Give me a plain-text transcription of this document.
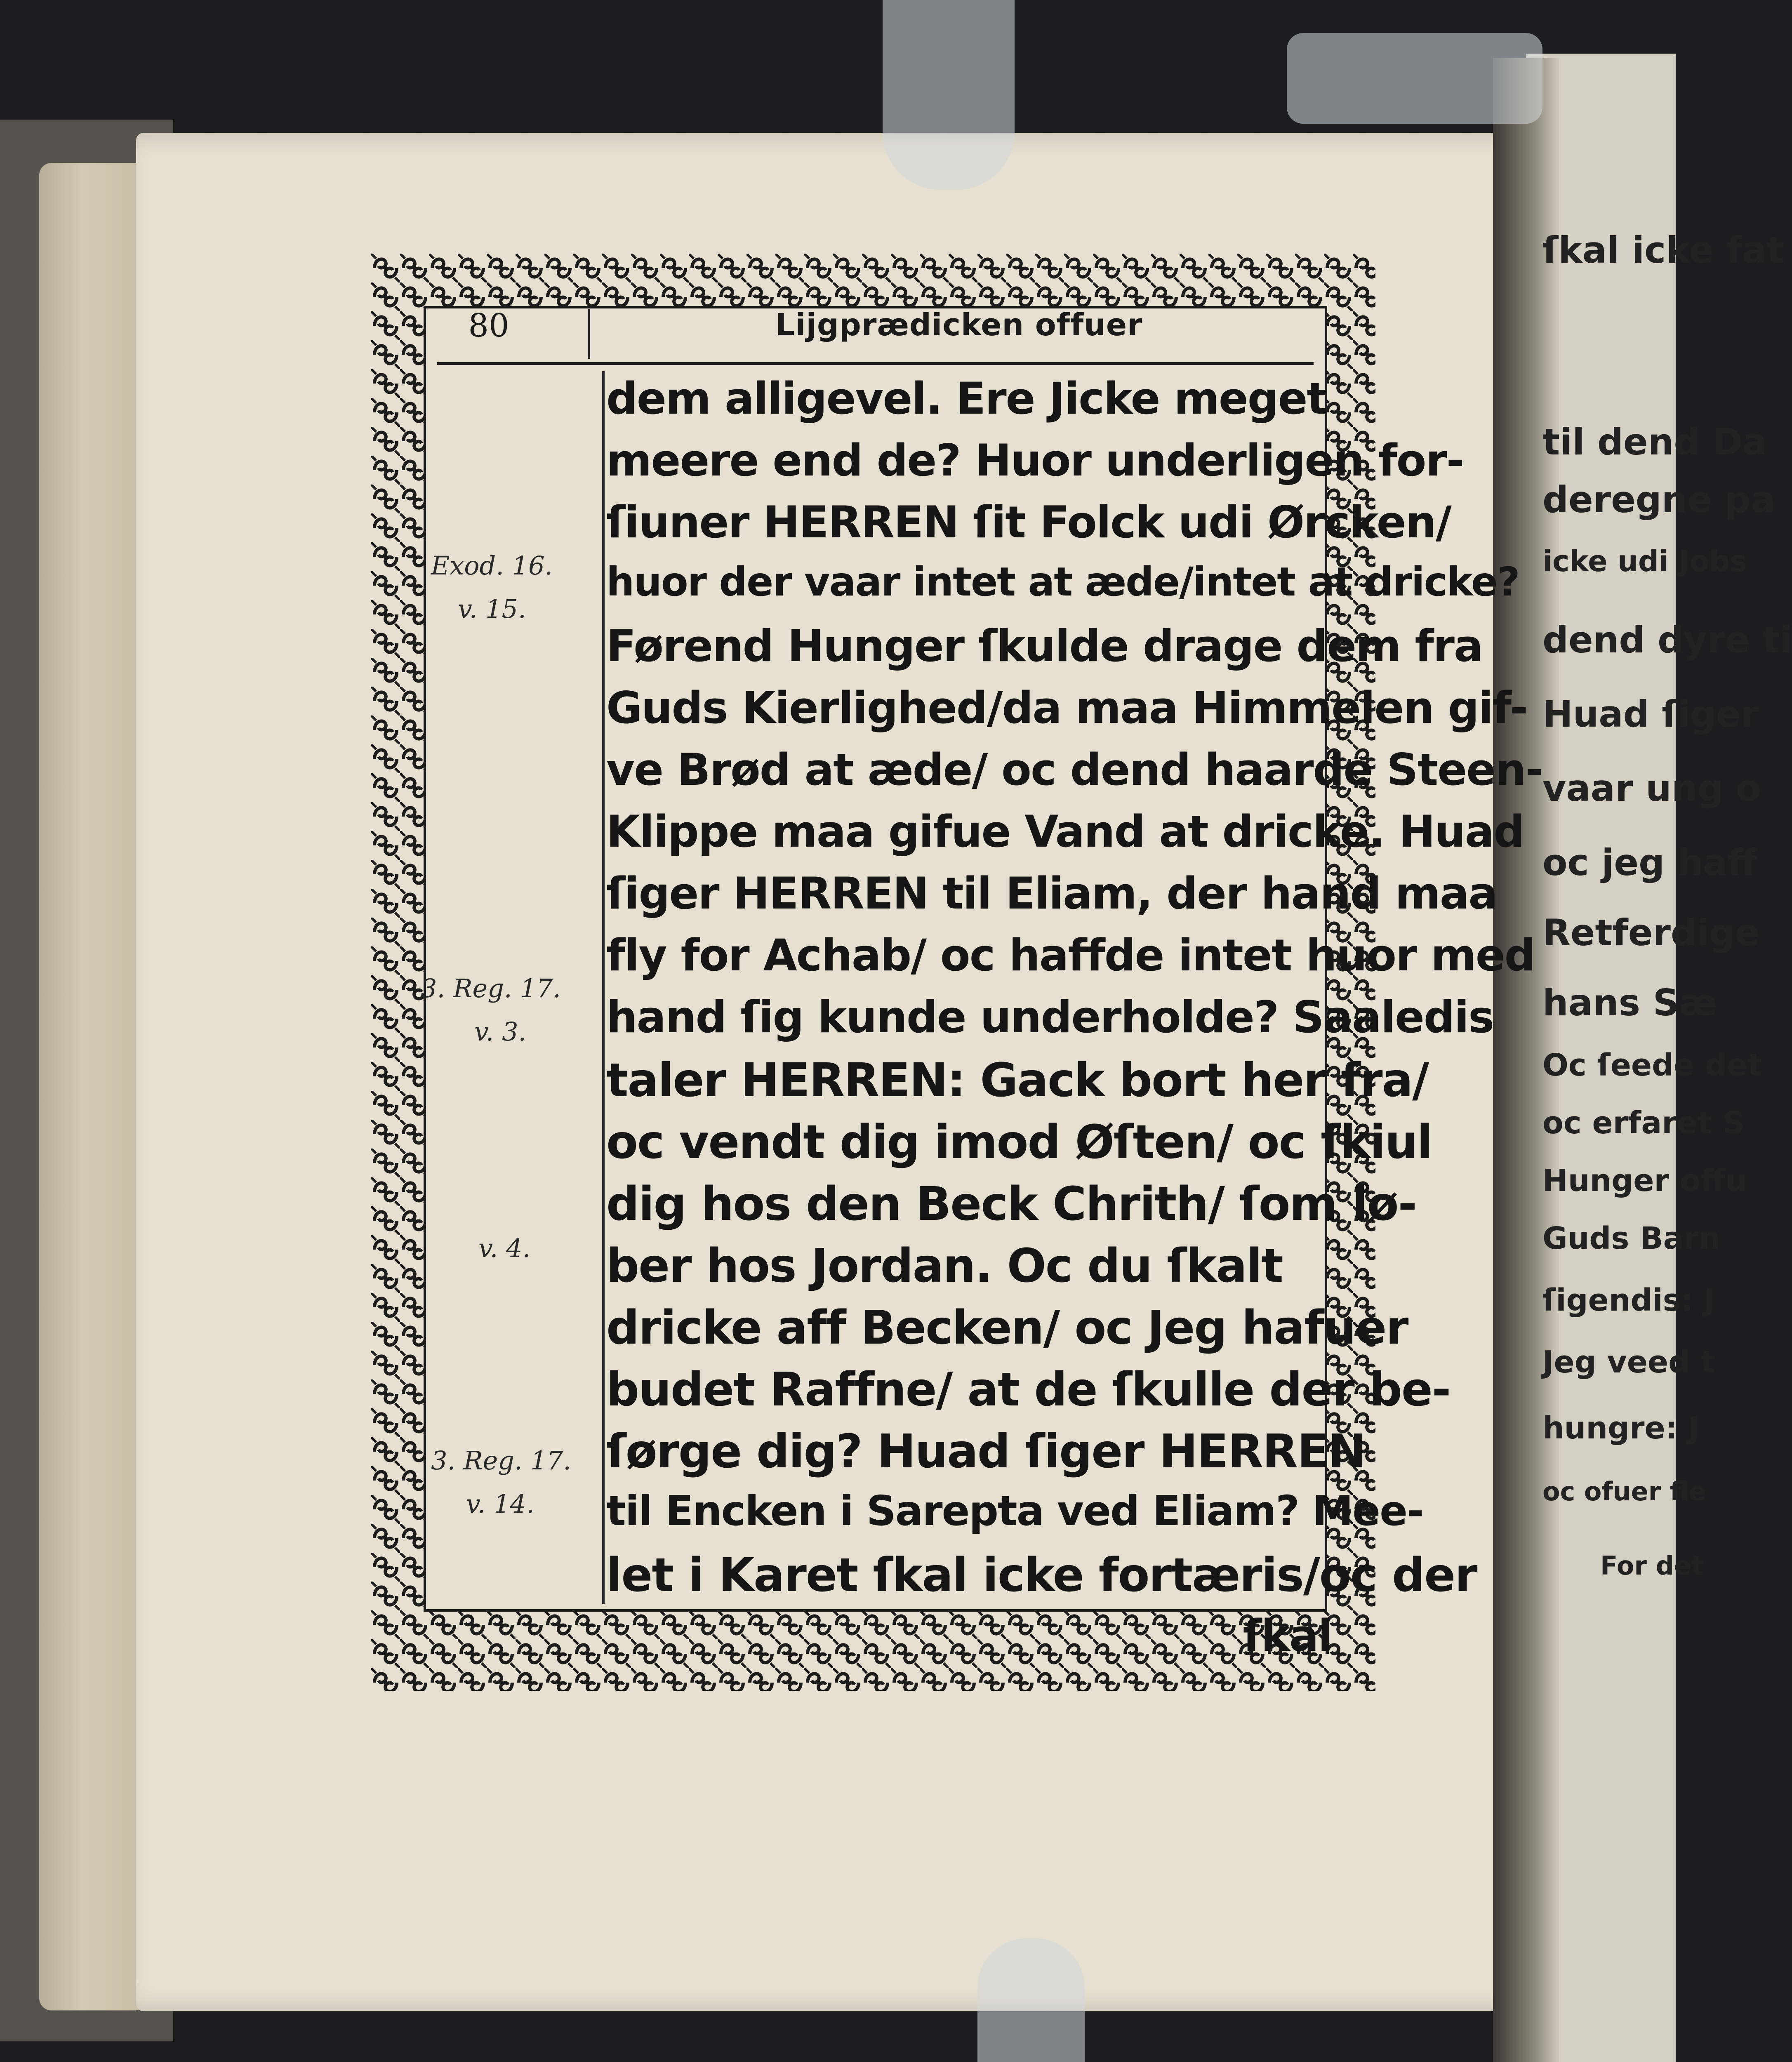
ſkal icke fat
til dend Da
deregne pa
icke udi Jobs
dend dyre ti
Huad ſiger
vaar ung o
oc jeg haff
Retferdige
hans Sæ
Oc ſeede det
oc erfaret S
Hunger offu
Guds Barn
ſigendis: J
Jeg veed t
hungre: J
oc ofuer fle
For det
80	Lijgprædicken offuer
Exod. 16.
v. 15.
3. Reg. 17.
v. 3.
v. 4.
3. Reg. 17.
v. 14.
dem alligevel. Ere Jicke meget
meere end de? Huor underligen for-
ſiuner HERREN ſit Folck udi Ørcken/
huor der vaar intet at æde/intet at dricke?
Førend Hunger ſkulde drage dem fra
Guds Kierlighed/da maa Himmelen gif-
ve Brød at æde/ oc dend haarde Steen-
Klippe maa gifue Vand at dricke. Huad
ſiger HERREN til Eliam, der hand maa
fly for Achab/ oc haffde intet huor med
hand ſig kunde underholde? Saaledis
taler HERREN: Gack bort her fra/
oc vendt dig imod Øſten/ oc ſkiul
dig hos den Beck Chrith/ ſom lø-
ber hos Jordan. Oc du ſkalt
dricke aff Becken/ oc Jeg hafuer
budet Raffne/ at de ſkulle der be-
ſørge dig? Huad ſiger HERREN
til Encken i Sarepta ved Eliam? Mee-
let i Karet ſkal icke fortæris/oc der
ſkal
